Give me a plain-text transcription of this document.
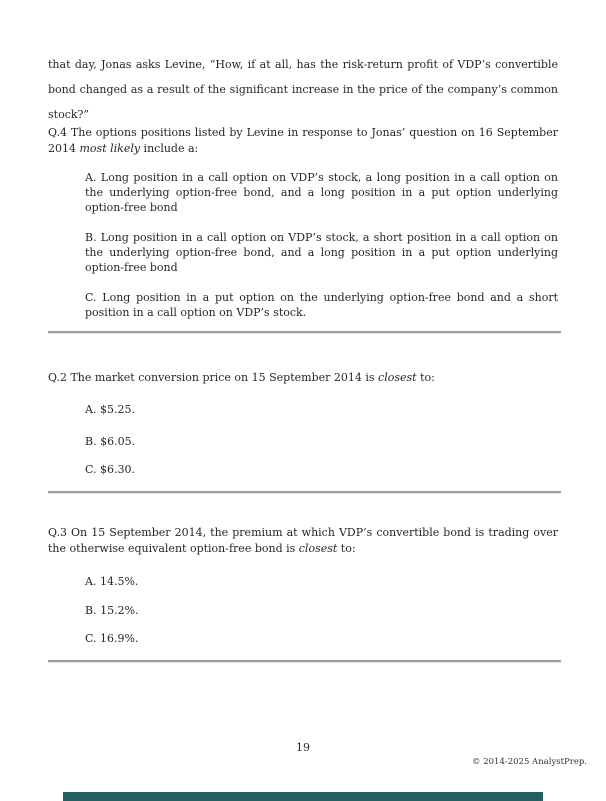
that day, Jonas asks Levine, “How, if at all, has the risk-return profit of VDP’s convertible bond changed as a result of the significant increase in the price of the company’s common stock?”

Q.4 The options positions listed by Levine in response to Jonas’ question on 16 September 2014 most likely include a:

A. Long position in a call option on VDP’s stock, a long position in a call option on the underlying option-free bond, and a long position in a put option underlying option-free bond

B. Long position in a call option on VDP’s stock, a short position in a call option on the underlying option-free bond, and a long position in a put option underlying option-free bond

C. Long position in a put option on the underlying option-free bond and a short position in a call option on VDP’s stock.

Q.2 The market conversion price on 15 September 2014 is closest to:

A. $5.25.

B. $6.05.

C. $6.30.

Q.3 On 15 September 2014, the premium at which VDP’s convertible bond is trading over the otherwise equivalent option-free bond is closest to:

A. 14.5%.

B. 15.2%.

C. 16.9%.

19

© 2014-2025 AnalystPrep.
